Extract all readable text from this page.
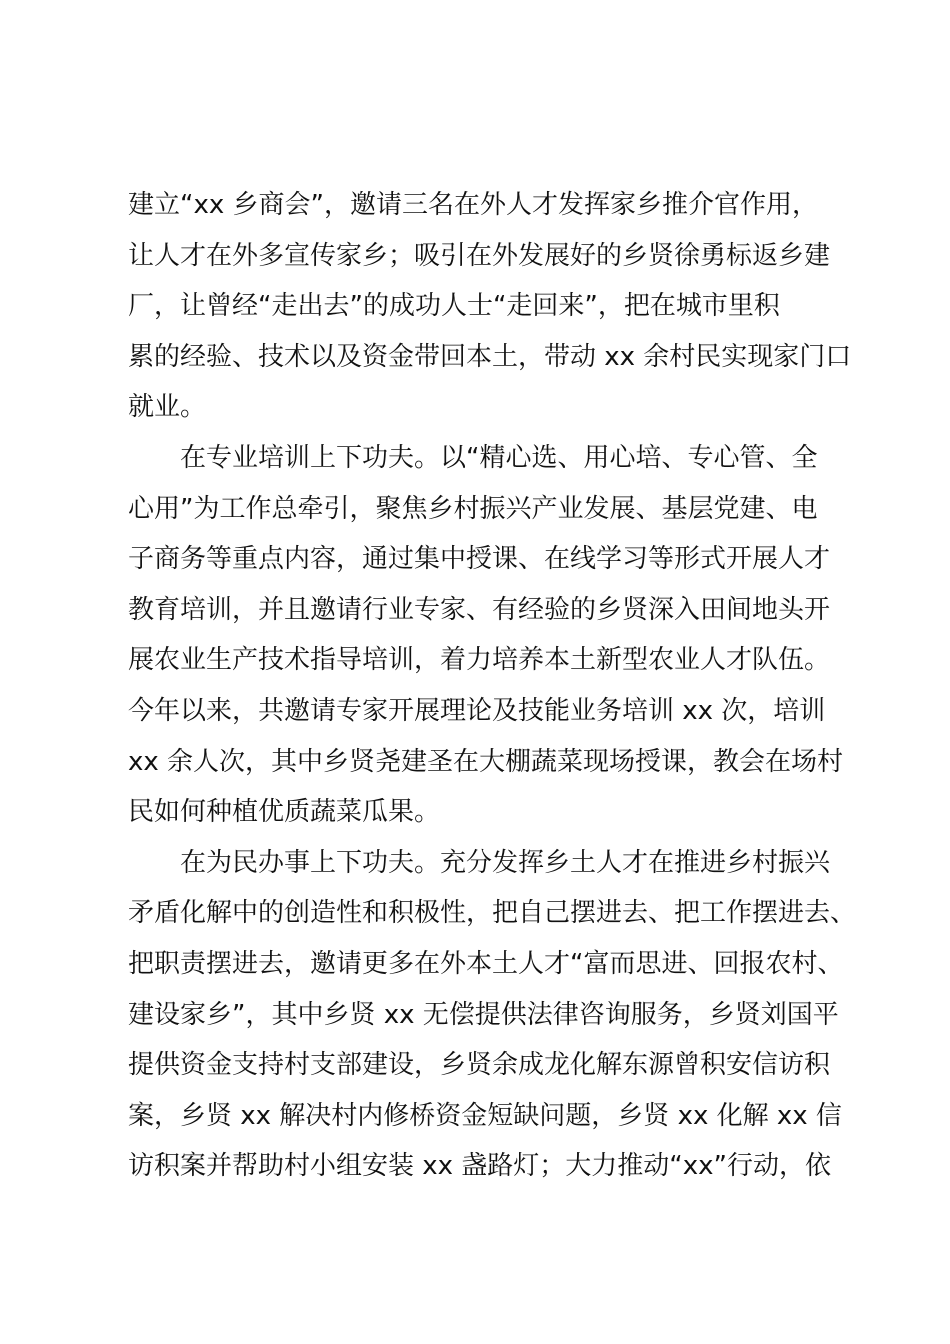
建立“xx 乡商会”，邀请三名在外人才发挥家乡推介官作用，
让人才在外多宣传家乡；吸引在外发展好的乡贤徐勇标返乡建
厂，让曾经“走出去”的成功人士“走回来”，把在城市里积
累的经验、技术以及资金带回本土，带动 xx 余村民实现家门口
就业。
在专业培训上下功夫。以“精心选、用心培、专心管、全
心用”为工作总牵引，聚焦乡村振兴产业发展、基层党建、电
子商务等重点内容，通过集中授课、在线学习等形式开展人才
教育培训，并且邀请行业专家、有经验的乡贤深入田间地头开
展农业生产技术指导培训，着力培养本土新型农业人才队伍。
今年以来，共邀请专家开展理论及技能业务培训 xx 次，培训
xx 余人次，其中乡贤尧建圣在大棚蔬菜现场授课，教会在场村
民如何种植优质蔬菜瓜果。
在为民办事上下功夫。充分发挥乡土人才在推进乡村振兴
矛盾化解中的创造性和积极性，把自己摆进去、把工作摆进去、
把职责摆进去，邀请更多在外本土人才“富而思进、回报农村、
建设家乡”，其中乡贤 xx 无偿提供法律咨询服务，乡贤刘国平
提供资金支持村支部建设，乡贤余成龙化解东源曾积安信访积
案，乡贤 xx 解决村内修桥资金短缺问题，乡贤 xx 化解 xx 信
访积案并帮助村小组安装 xx 盏路灯；大力推动“xx”行动，依
